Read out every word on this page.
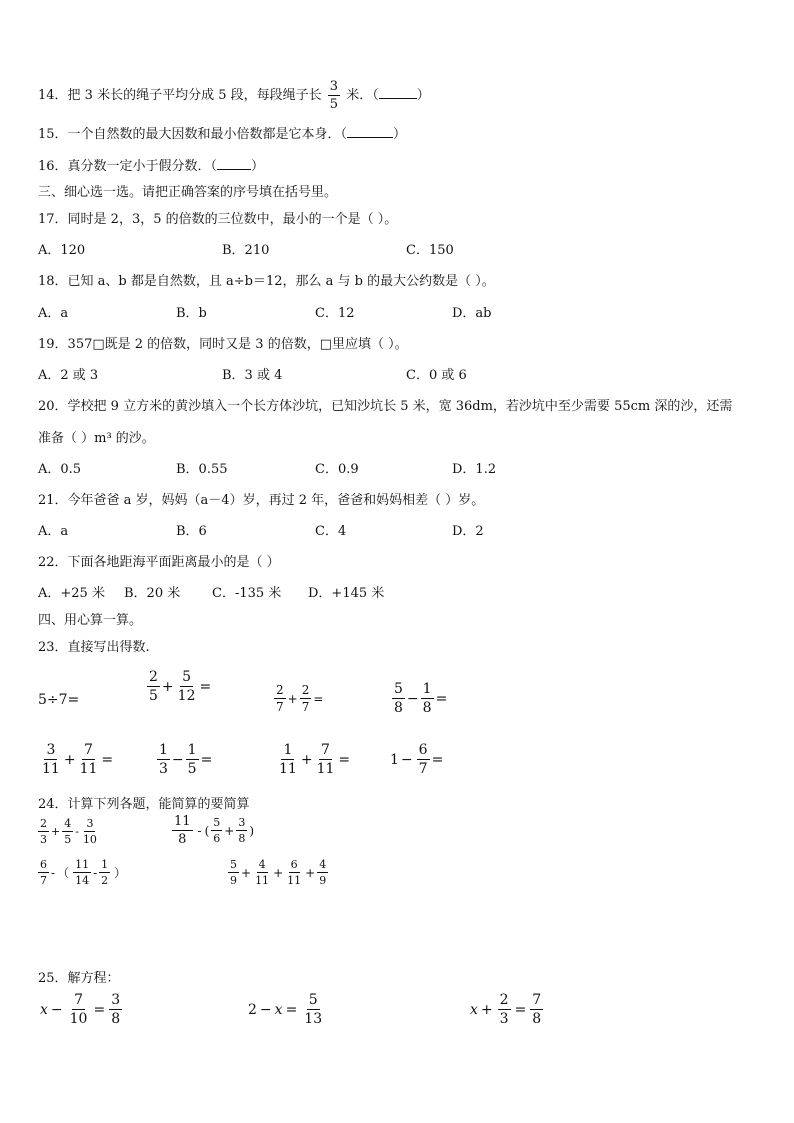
14．把 3 米长的绳子平均分成 5 段，每段绳子长 $\frac{3}{5}$ 米．（	）
15．一个自然数的最大因数和最小倍数都是它本身．（	）
16．真分数一定小于假分数．（	）
三、细心选一选。请把正确答案的序号填在括号里。
17．同时是 2，3，5 的倍数的三位数中，最小的一个是（ ）。
A．120	B．210	C．150
18．已知 a、b 都是自然数，且 a÷b＝12，那么 a 与 b 的最大公约数是（ ）。
A．a	B．b	C．12	D．ab
19．357□既是 2 的倍数，同时又是 3 的倍数，□里应填（ ）。
A．2 或 3	B．3 或 4	C．0 或 6
20．学校把 9 立方米的黄沙填入一个长方体沙坑，已知沙坑长 5 米，宽 36dm，若沙坑中至少需要 55cm 深的沙，还需
准备（ ）m³ 的沙。
A．0.5	B．0.55	C．0.9	D．1.2
21．今年爸爸 a 岁，妈妈（a－4）岁，再过 2 年，爸爸和妈妈相差（ ）岁。
A．a	B．6	C．4	D．2
22．下面各地距海平面距离最小的是（ ）
A．+25 米 B．20 米 C．-135 米 D．+145 米
四、用心算一算。
23．直接写出得数.
5÷7=	$\frac{2}{5} + \frac{5}{12}$ =	$\frac{2}{7} + \frac{2}{7}$ =	$\frac{5}{8} - \frac{1}{8}$ =
$\frac{3}{11} + \frac{7}{11}$ =	$\frac{1}{3} - \frac{1}{5}$ =	$\frac{1}{11} + \frac{7}{11}$ =	$1 - \frac{6}{7}$ =
24．计算下列各题，能简算的要简算
$\frac{2}{3} + \frac{4}{5} - \frac{3}{10}$	$\frac{11}{8}$ - ( $\frac{5}{6} + \frac{3}{8}$ )
$\frac{6}{7}$ - （ $\frac{11}{14} - \frac{1}{2}$ ）	$\frac{5}{9} + \frac{4}{11} + \frac{6}{11} + \frac{4}{9}$
25．解方程：
$x - \frac{7}{10} = \frac{3}{8}$	$2 - x = \frac{5}{13}$	$x + \frac{2}{3} = \frac{7}{8}$
